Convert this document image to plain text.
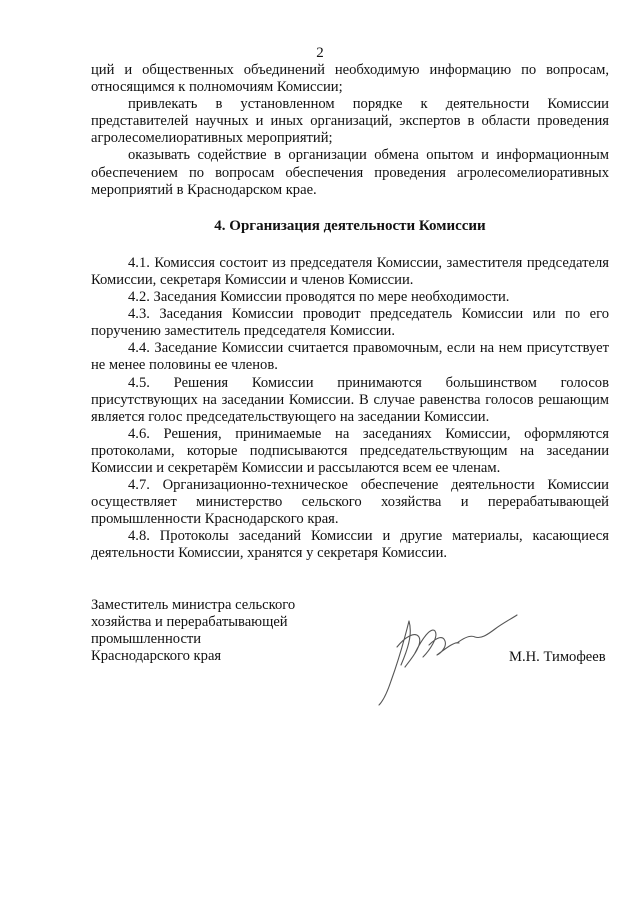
2

ций и общественных объединений необходимую информацию по вопросам, относящимся к полномочиям Комиссии;

привлекать в установленном порядке к деятельности Комиссии представителей научных и иных организаций, экспертов в области проведения агролесомелиоративных мероприятий;

оказывать содействие в организации обмена опытом и информационным обеспечением по вопросам обеспечения проведения агролесомелиоративных мероприятий в Краснодарском крае.

4. Организация деятельности Комиссии

4.1. Комиссия состоит из председателя Комиссии, заместителя председателя Комиссии, секретаря Комиссии и членов Комиссии.

4.2. Заседания Комиссии проводятся по мере необходимости.

4.3. Заседания Комиссии проводит председатель Комиссии или по его поручению заместитель председателя Комиссии.

4.4. Заседание Комиссии считается правомочным, если на нем присутствует не менее половины ее членов.

4.5. Решения Комиссии принимаются большинством голосов присутствующих на заседании Комиссии. В случае равенства голосов решающим является голос председательствующего на заседании Комиссии.

4.6. Решения, принимаемые на заседаниях Комиссии, оформляются протоколами, которые подписываются председательствующим на заседании Комиссии и секретарём Комиссии и рассылаются всем ее членам.

4.7. Организационно-техническое обеспечение деятельности Комиссии осуществляет министерство сельского хозяйства и перерабатывающей промышленности Краснодарского края.

4.8. Протоколы заседаний Комиссии и другие материалы, касающиеся деятельности Комиссии, хранятся у секретаря Комиссии.

Заместитель министра сельского
хозяйства и перерабатывающей
промышленности
Краснодарского края	М.Н. Тимофеев
